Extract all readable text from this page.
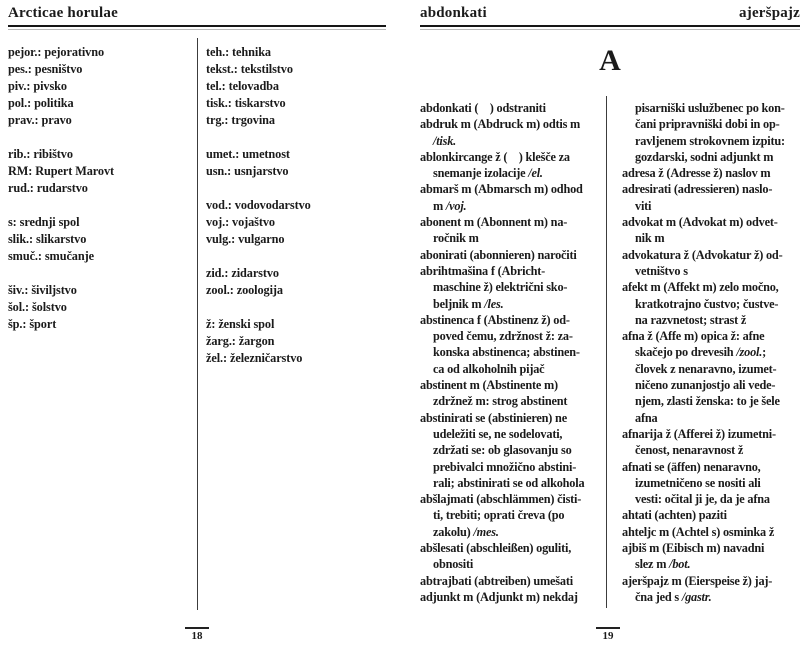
Arcticae horulae
pejor.: pejorativno
pes.: pesništvo
piv.: pivsko
pol.: politika
prav.: pravo
rib.: ribištvo
RM: Rupert Marovt
rud.: rudarstvo
s: srednji spol
slik.: slikarstvo
smuč.: smučanje
šiv.: šiviljstvo
šol.: šolstvo
šp.: šport
teh.: tehnika
tekst.: tekstilstvo
tel.: telovadba
tisk.: tiskarstvo
trg.: trgovina
umet.: umetnost
usn.: usnjarstvo
vod.: vodovodarstvo
voj.: vojaštvo
vulg.: vulgarno
zid.: zidarstvo
zool.: zoologija
ž: ženski spol
žarg.: žargon
žel.: železničarstvo
abdonkati	ajeršpajz
A
abdonkati (    ) odstraniti
abdruk m (Abdruck m) odtis m
/tisk.
ablonkircange ž (    ) klešče za
snemanje izolacije /el.
abmarš m (Abmarsch m) odhod
m /voj.
abonent m (Abonnent m) na-
ročnik m
abonirati (abonnieren) naročiti
abrihtmašina f (Abricht-
maschine ž) električni sko-
beljnik m /les.
abstinenca f (Abstinenz ž) od-
poved čemu, zdržnost ž: za-
konska abstinenca; abstinen-
ca od alkoholnih pijač
abstinent m (Abstinente m)
zdržnež m: strog abstinent
abstinirati se (abstinieren) ne
udeležiti se, ne sodelovati,
zdržati se: ob glasovanju so
prebivalci množično abstini-
rali; abstinirati se od alkohola
abšlajmati (abschlämmen) čisti-
ti, trebiti; oprati čreva (po
zakolu) /mes.
abšlesati (abschleißen) oguliti,
obnositi
abtrajbati (abtreiben) umešati
adjunkt m (Adjunkt m) nekdaj
pisarniški uslužbenec po kon-
čani pripravniški dobi in op-
ravljenem strokovnem izpitu:
gozdarski, sodni adjunkt m
adresa ž (Adresse ž) naslov m
adresirati (adressieren) naslo-
viti
advokat m (Advokat m) odvet-
nik m
advokatura ž (Advokatur ž) od-
vetništvo s
afekt m (Affekt m) zelo močno,
kratkotrajno čustvo; čustve-
na razvnetost; strast ž
afna ž (Affe m) opica ž: afne
skačejo po drevesih /zool.;
človek z nenaravno, izumet-
ničeno zunanjostjo ali vede-
njem, zlasti ženska: to je šele
afna
afnarija ž (Afferei ž) izumetni-
čenost, nenaravnost ž
afnati se (äffen) nenaravno,
izumetničeno se nositi ali
vesti: očital ji je, da je afna
ahtati (achten) paziti
ahteljc m (Achtel s) osminka ž
ajbiš m (Eibisch m) navadni
slez m /bot.
ajeršpajz m (Eierspeise ž) jaj-
čna jed s /gastr.
18	19
